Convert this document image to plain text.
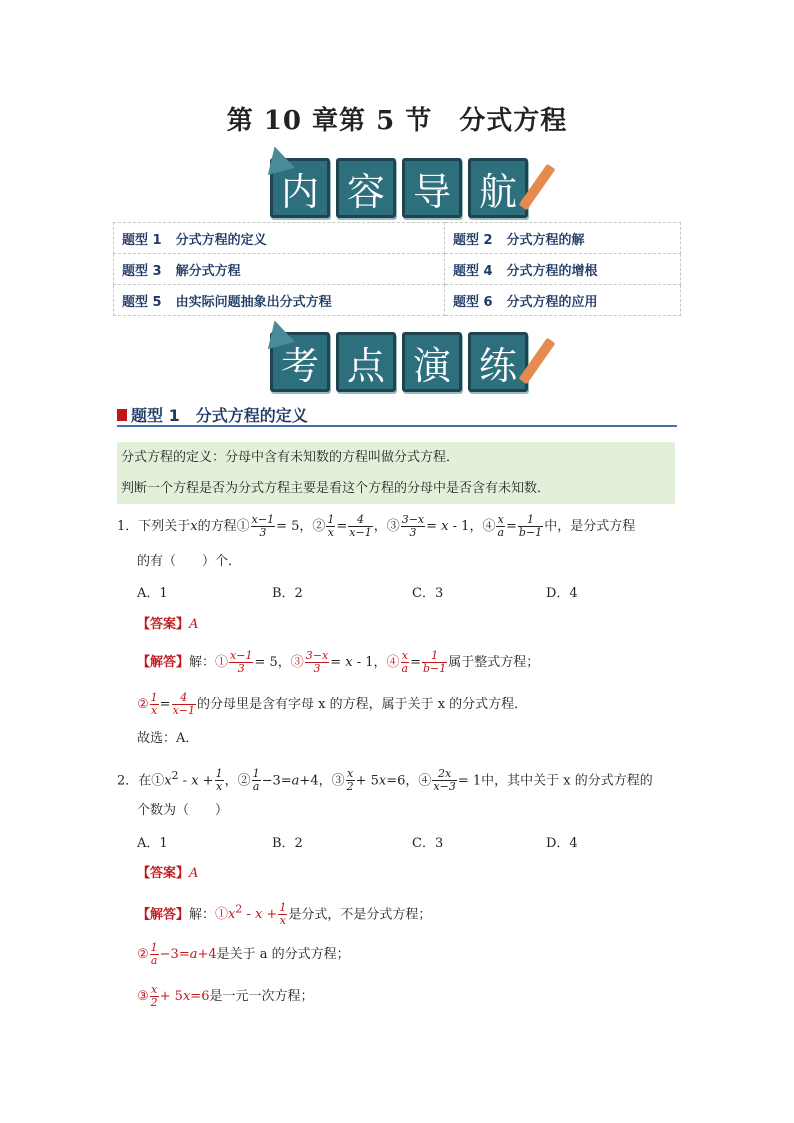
第 10 章第 5 节　分式方程
内 容 导 航
题型 1 分式方程的定义	题型 2 分式方程的解
题型 3 解分式方程	题型 4 分式方程的增根
题型 5 由实际问题抽象出分式方程	题型 6 分式方程的应用
考 点 演 练
题型 1　分式方程的定义
分式方程的定义：分母中含有未知数的方程叫做分式方程．
判断一个方程是否为分式方程主要是看这个方程的分母中是否含有未知数．
1．下列关于x的方程① $\frac{x-1}{3} = 5$，② $\frac{1}{x} = \frac{4}{x-1}$ ，③ $\frac{3-x}{3} = x - 1$，④ $\frac{x}{a} = \frac{1}{b-1}$ 中，是分式方程
的有（　　）个．
A．1	B．2	C．3	D．4
【答案】A
【解答】解：① $\frac{x-1}{3} = 5$，③ $\frac{3-x}{3} = x - 1$，④ $\frac{x}{a} = \frac{1}{b-1}$ 属于整式方程；
② $\frac{1}{x} = \frac{4}{x-1}$ 的分母里是含有字母 x 的方程，属于关于 x 的分式方程．
故选：A．
2．在$①x^2 - x + \frac{1}{x}$ ，② $\frac{1}{a} -3=a+4$，③ $\frac{x}{2} + 5x=6$，④ $\frac{2x}{x-3} = 1$中，其中关于 x 的分式方程的
个数为（　　）
A．1	B．2	C．3	D．4
【答案】A
【解答】解：$①x^2 - x + \frac{1}{x}$ 是分式，不是分式方程；
② $\frac{1}{a} -3=a+4$是关于 a 的分式方程；
③ $\frac{x}{2} + 5x=6$是一元一次方程；
